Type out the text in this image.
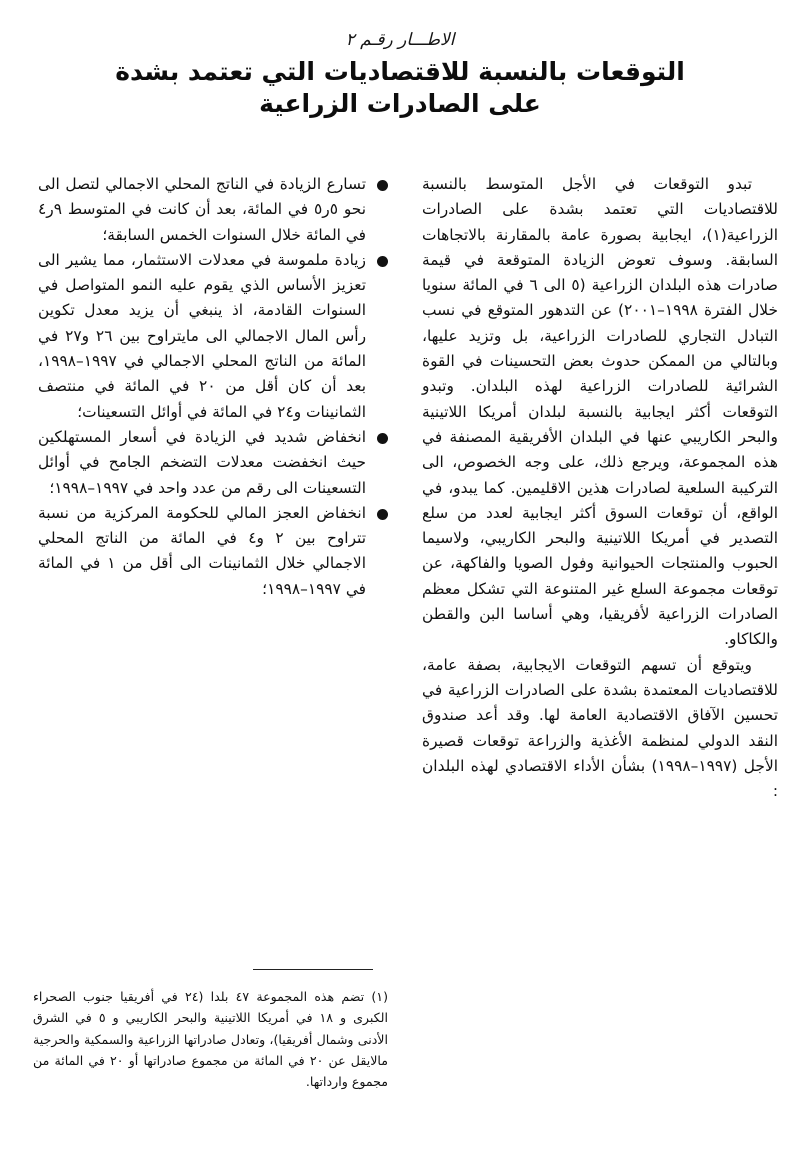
الاطـــار رقـم ٢

التوقعات بالنسبة للاقتصاديات التي تعتمد بشدة
على الصادرات الزراعية

تبدو التوقعات في الأجل المتوسط بالنسبة للاقتصاديات التي تعتمد بشدة على الصادرات الزراعية(١)، ايجابية بصورة عامة بالمقارنة بالاتجاهات السابقة. وسوف تعوض الزيادة المتوقعة في قيمة صادرات هذه البلدان الزراعية (٥ الى ٦ في المائة سنويا خلال الفترة ١٩٩٨–٢٠٠١) عن التدهور المتوقع في نسب التبادل التجاري للصادرات الزراعية، بل وتزيد عليها، وبالتالي من الممكن حدوث بعض التحسينات في القوة الشرائية للصادرات الزراعية لهذه البلدان. وتبدو التوقعات أكثر ايجابية بالنسبة لبلدان أمريكا اللاتينية والبحر الكاريبي عنها في البلدان الأفريقية المصنفة في هذه المجموعة، ويرجع ذلك، على وجه الخصوص، الى التركيبة السلعية لصادرات هذين الاقليمين. كما يبدو، في الواقع، أن توقعات السوق أكثر ايجابية لعدد من سلع التصدير في أمريكا اللاتينية والبحر الكاريبي، ولاسيما الحبوب والمنتجات الحيوانية وفول الصويا والفاكهة، عن توقعات مجموعة السلع غير المتنوعة التي تشكل معظم الصادرات الزراعية لأفريقيا، وهي أساسا البن والقطن والكاكاو.

ويتوقع أن تسهم التوقعات الايجابية، بصفة عامة، للاقتصاديات المعتمدة بشدة على الصادرات الزراعية في تحسين الآفاق الاقتصادية العامة لها. وقد أعد صندوق النقد الدولي لمنظمة الأغذية والزراعة توقعات قصيرة الأجل (١٩٩٧–١٩٩٨) بشأن الأداء الاقتصادي لهذه البلدان :

تسارع الزيادة في الناتج المحلي الاجمالي لتصل الى نحو ٥ر٥ في المائة، بعد أن كانت في المتوسط ٩ر٤ في المائة خلال السنوات الخمس السابقة؛
زيادة ملموسة في معدلات الاستثمار، مما يشير الى تعزيز الأساس الذي يقوم عليه النمو المتواصل في السنوات القادمة، اذ ينبغي أن يزيد معدل تكوين رأس المال الاجمالي الى مايتراوح بين ٢٦ و٢٧ في المائة من الناتج المحلي الاجمالي في ١٩٩٧–١٩٩٨، بعد أن كان أقل من ٢٠ في المائة في منتصف الثمانينات و٢٤ في المائة في أوائل التسعينات؛
انخفاض شديد في الزيادة في أسعار المستهلكين حيث انخفضت معدلات التضخم الجامح في أوائل التسعينات الى رقم من عدد واحد في ١٩٩٧–١٩٩٨؛
انخفاض العجز المالي للحكومة المركزية من نسبة تتراوح بين ٢ و٤ في المائة من الناتج المحلي الاجمالي خلال الثمانينات الى أقل من ١ في المائة في ١٩٩٧–١٩٩٨؛

(١) تضم هذه المجموعة ٤٧ بلدا (٢٤ في أفريقيا جنوب الصحراء الكبرى و ١٨ في أمريكا اللاتينية والبحر الكاريبي و ٥ في الشرق الأدنى وشمال أفريقيا)، وتعادل صادراتها الزراعية والسمكية والحرجية مالايقل عن ٢٠ في المائة من مجموع صادراتها أو ٢٠ في المائة من مجموع وارداتها.
